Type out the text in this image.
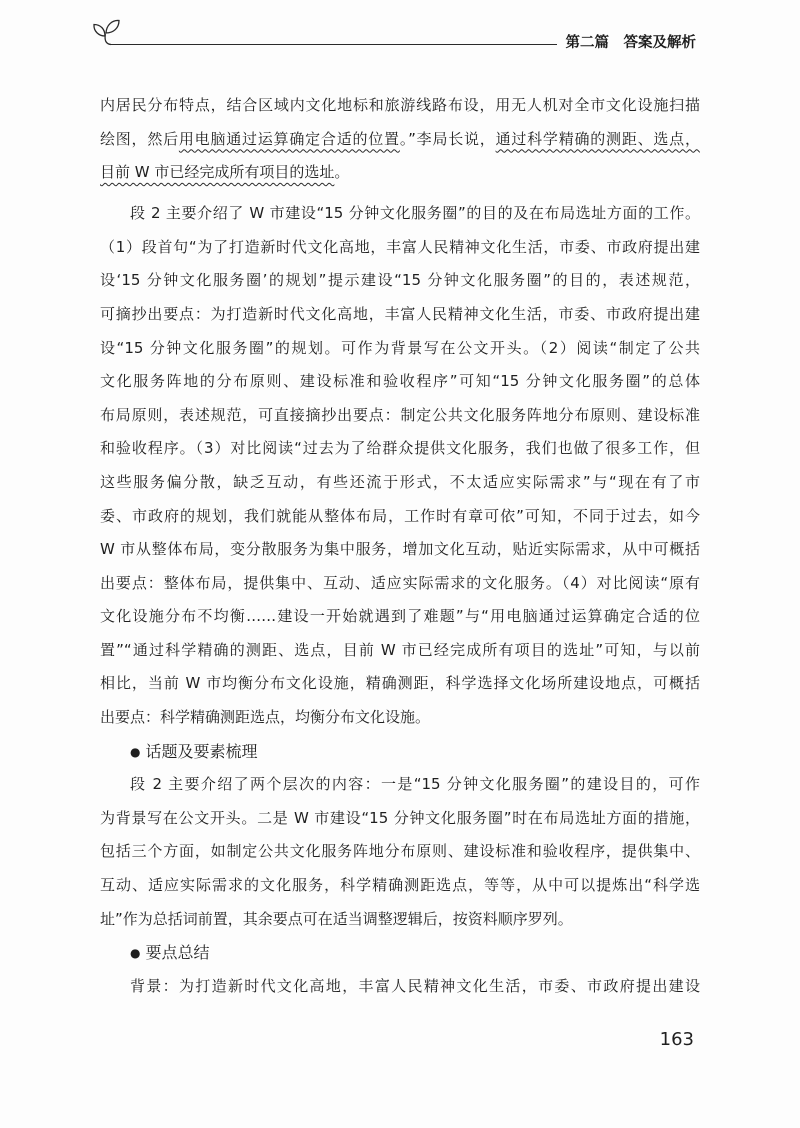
第二篇　答案及解析
内居民分布特点，结合区域内文化地标和旅游线路布设，用无人机对全市文化设施扫描
绘图，然后用电脑通过运算确定合适的位置。”李局长说，通过科学精确的测距、选点，
目前 W 市已经完成所有项目的选址。
段 2 主要介绍了 W 市建设“15 分钟文化服务圈”的目的及在布局选址方面的工作。
（1）段首句“为了打造新时代文化高地，丰富人民精神文化生活，市委、市政府提出建
设‘15 分钟文化服务圈’的规划”提示建设“15 分钟文化服务圈”的目的，表述规范，
可摘抄出要点：为打造新时代文化高地，丰富人民精神文化生活，市委、市政府提出建
设“15 分钟文化服务圈”的规划。可作为背景写在公文开头。（2）阅读“制定了公共
文化服务阵地的分布原则、建设标准和验收程序”可知“15 分钟文化服务圈”的总体
布局原则，表述规范，可直接摘抄出要点：制定公共文化服务阵地分布原则、建设标准
和验收程序。（3）对比阅读“过去为了给群众提供文化服务，我们也做了很多工作，但
这些服务偏分散，缺乏互动，有些还流于形式，不太适应实际需求”与“现在有了市
委、市政府的规划，我们就能从整体布局，工作时有章可依”可知，不同于过去，如今
W 市从整体布局，变分散服务为集中服务，增加文化互动，贴近实际需求，从中可概括
出要点：整体布局，提供集中、互动、适应实际需求的文化服务。（4）对比阅读“原有
文化设施分布不均衡……建设一开始就遇到了难题”与“用电脑通过运算确定合适的位
置”“通过科学精确的测距、选点，目前 W 市已经完成所有项目的选址”可知，与以前
相比，当前 W 市均衡分布文化设施，精确测距，科学选择文化场所建设地点，可概括
出要点：科学精确测距选点，均衡分布文化设施。
● 话题及要素梳理
段 2 主要介绍了两个层次的内容：一是“15 分钟文化服务圈”的建设目的，可作
为背景写在公文开头。二是 W 市建设“15 分钟文化服务圈”时在布局选址方面的措施，
包括三个方面，如制定公共文化服务阵地分布原则、建设标准和验收程序，提供集中、
互动、适应实际需求的文化服务，科学精确测距选点，等等，从中可以提炼出“科学选
址”作为总括词前置，其余要点可在适当调整逻辑后，按资料顺序罗列。
● 要点总结
背景：为打造新时代文化高地，丰富人民精神文化生活，市委、市政府提出建设
163
